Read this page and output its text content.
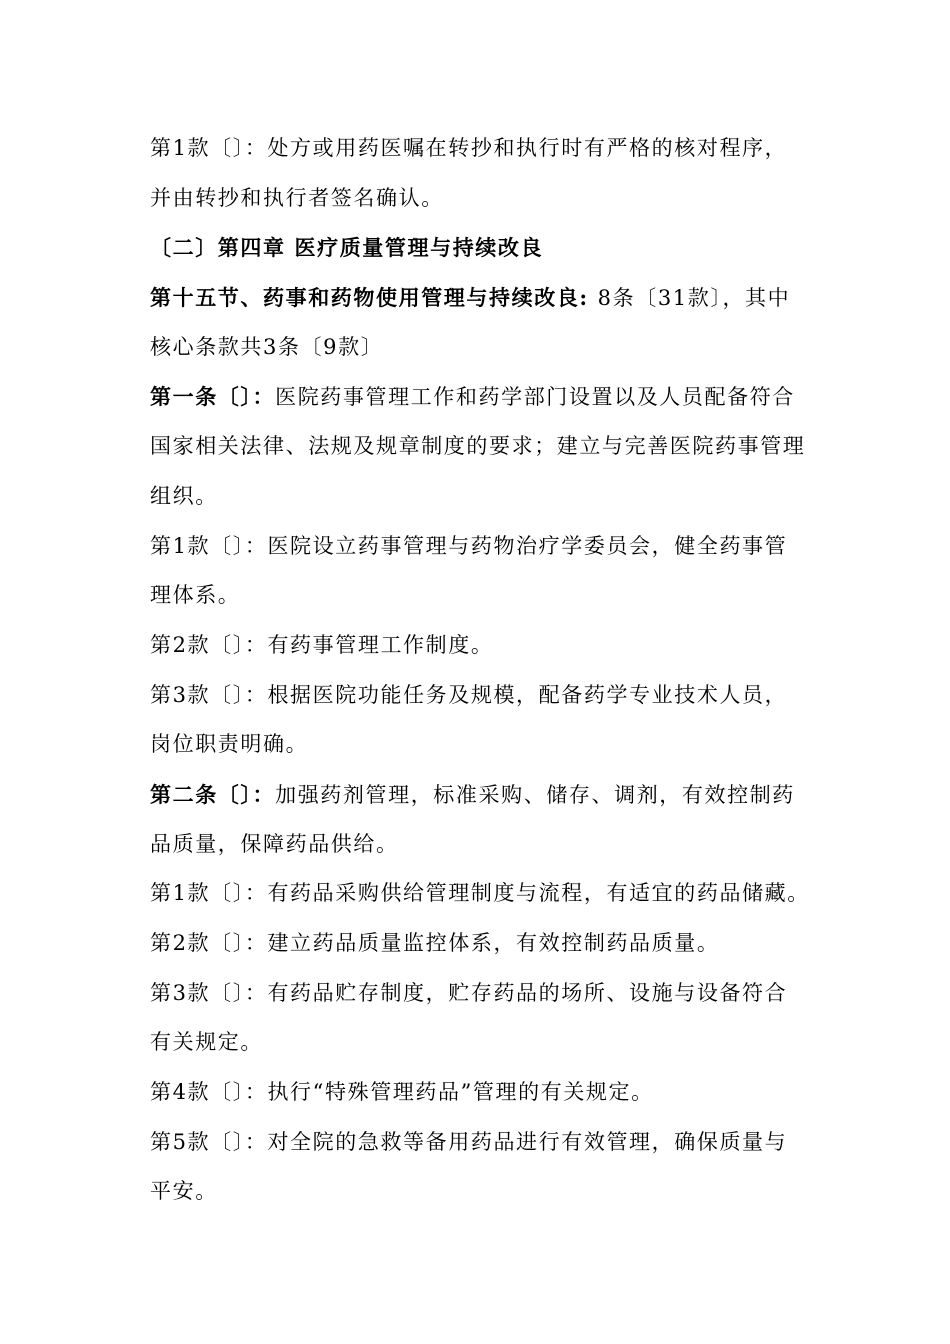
第1款〔〕：处方或用药医嘱在转抄和执行时有严格的核对程序，
并由转抄和执行者签名确认。
〔二〕第四章 医疗质量管理与持续改良
第十五节、药事和药物使用管理与持续改良: 8条〔31款〕，其中
核心条款共3条〔9款〕
第一条〔〕：医院药事管理工作和药学部门设置以及人员配备符合
国家相关法律、法规及规章制度的要求；建立与完善医院药事管理
组织。
第1款〔〕：医院设立药事管理与药物治疗学委员会，健全药事管
理体系。
第2款〔〕：有药事管理工作制度。
第3款〔〕：根据医院功能任务及规模，配备药学专业技术人员，
岗位职责明确。
第二条〔〕：加强药剂管理，标准采购、储存、调剂，有效控制药
品质量，保障药品供给。
第1款〔〕：有药品采购供给管理制度与流程，有适宜的药品储藏。
第2款〔〕：建立药品质量监控体系，有效控制药品质量。
第3款〔〕：有药品贮存制度，贮存药品的场所、设施与设备符合
有关规定。
第4款〔〕：执行“特殊管理药品”管理的有关规定。
第5款〔〕：对全院的急救等备用药品进行有效管理，确保质量与
平安。
